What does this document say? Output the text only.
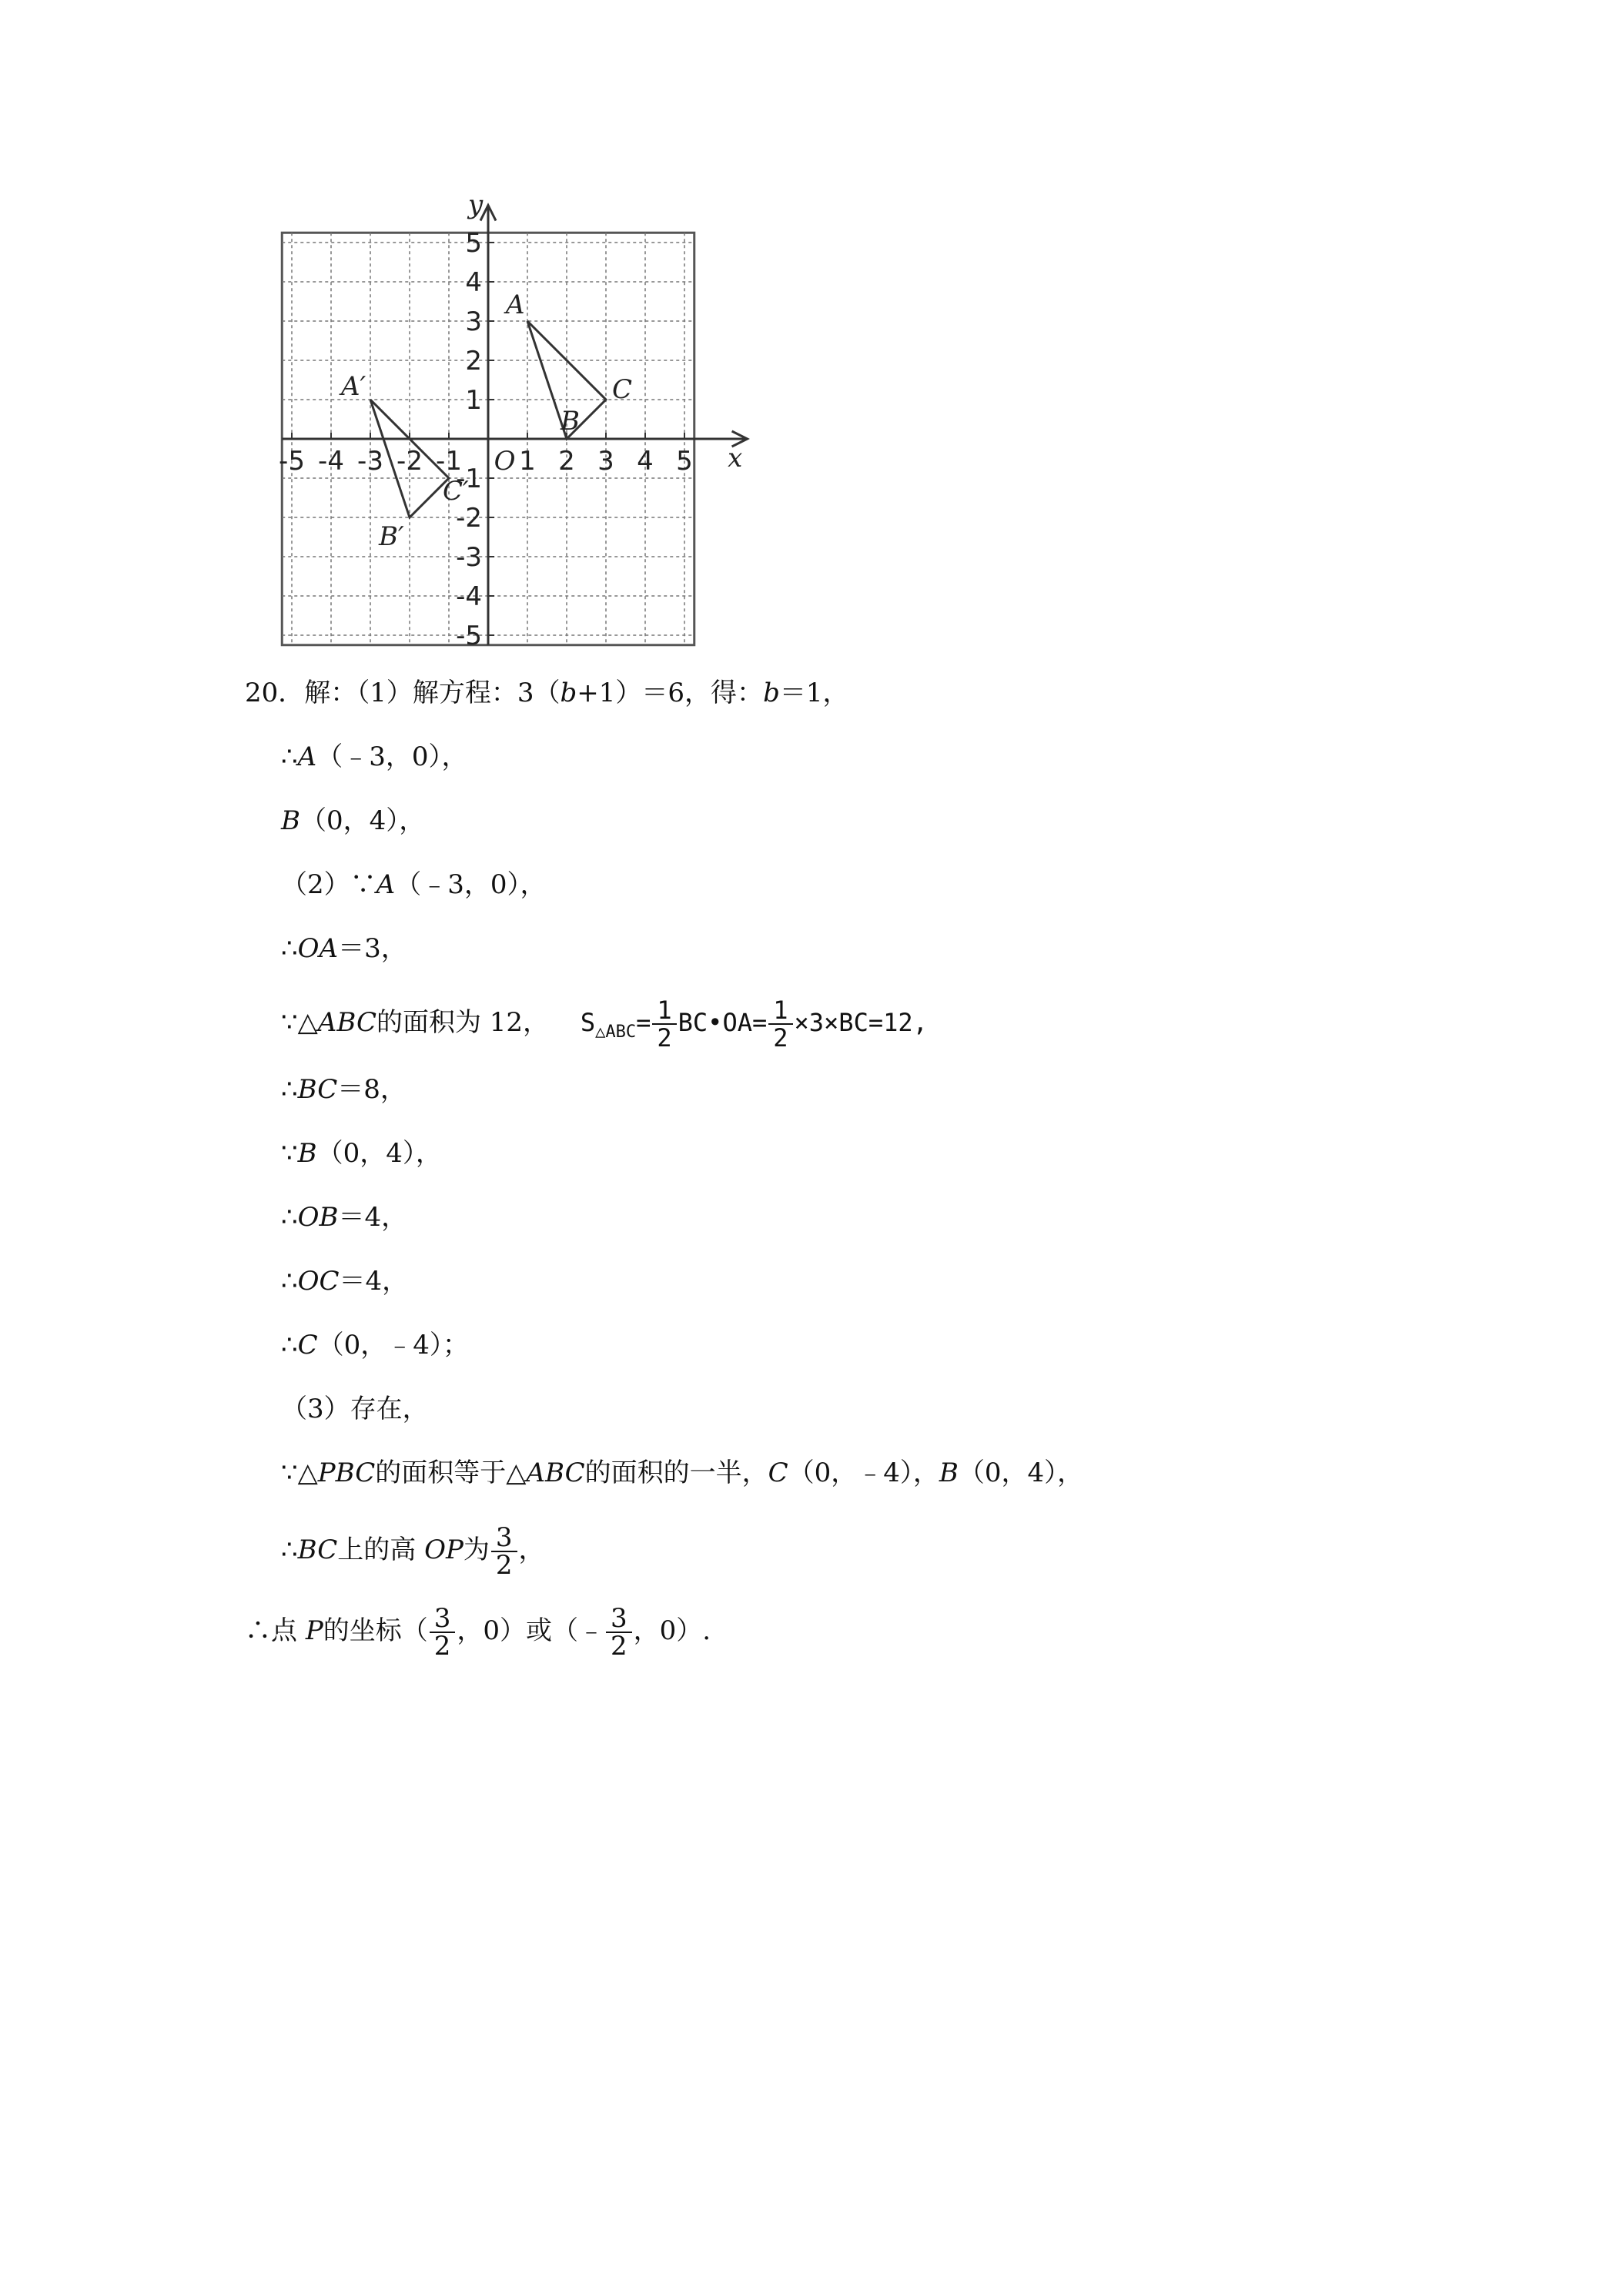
-5 -4 -3 -2 -1 1 2 3 4 5
5
4
3
2
1
-1
-2
-3
-4
-5
O	x
y
A
B
C
A′
B′
C′
20．解：（1）解方程：3（b+1）＝6，得：b＝1，
∴A（﹣3，0），
B（0，4），
（2）∵A（﹣3，0），
∴OA＝3，
∵△ABC的面积为 12， $S_{\triangle ABC}= \frac{1}{2}$ BC•OA= $\frac{1}{2} \times 3\times BC=12$,
∴BC＝8，
∵B（0，4），
∴OB＝4，
∴OC＝4，
∴C（0，﹣4）；
（3）存在，
∵△PBC的面积等于△ABC的面积的一半，C（0，﹣4），B（0，4），
∴BC上的高 OP为 $\frac{3}{2}$ ，
∴点 P的坐标（ $\frac{3}{2}$ ，0）或（﹣ $\frac{3}{2}$ ，0）.
